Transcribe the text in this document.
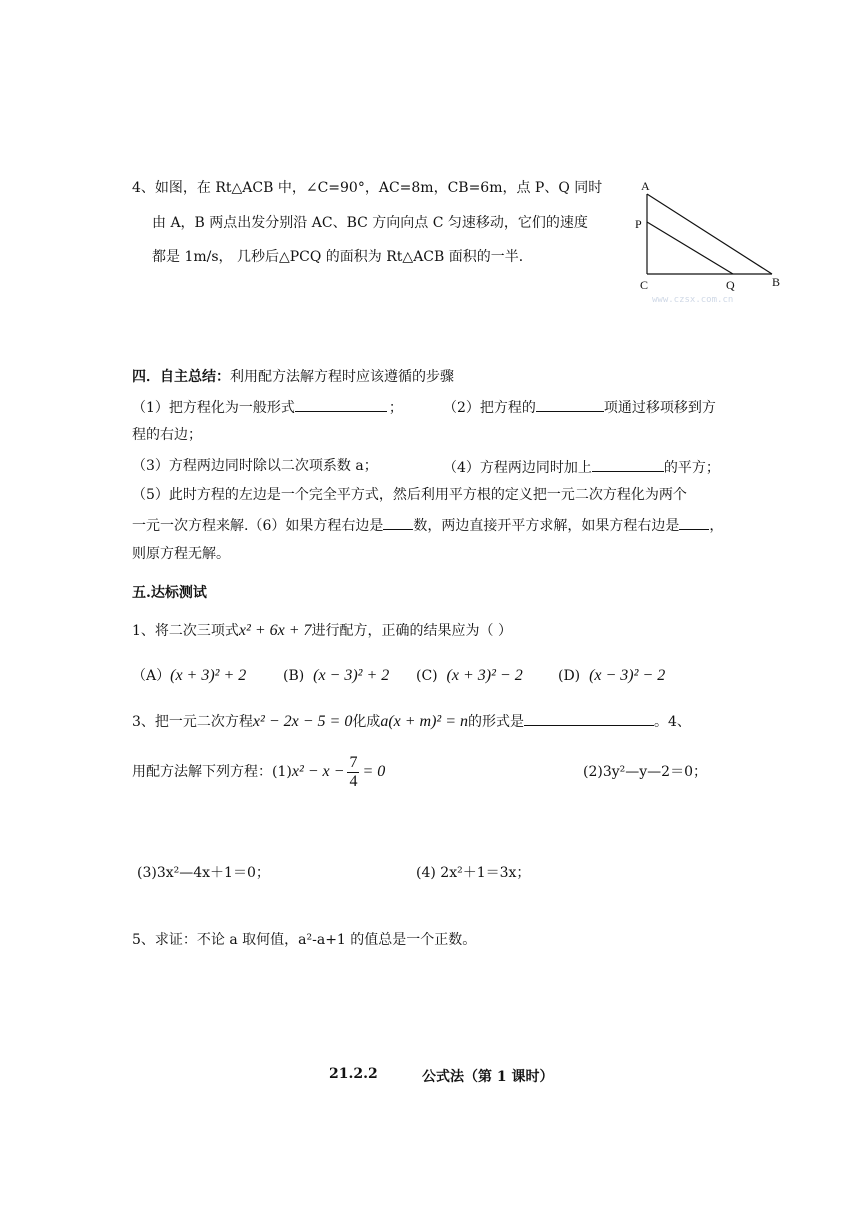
4、如图，在 Rt△ACB 中，∠C=90°，AC=8m，CB=6m，点 P、Q 同时
由 A，B 两点出发分别沿 AC、BC 方向向点 C 匀速移动，它们的速度
都是 1m/s， 几秒后△PCQ 的面积为 Rt△ACB 面积的一半．
A
P
C	Q	B
www.czsx.com.cn
四．自主总结：利用配方法解方程时应该遵循的步骤
（1）把方程化为一般形式	；	（2）把方程的	项通过移项移到方
程的右边；
（3）方程两边同时除以二次项系数 a；	（4）方程两边同时加上	的平方；
（5）此时方程的左边是一个完全平方式，然后利用平方根的定义把一元二次方程化为两个
一元一次方程来解.（6）如果方程右边是 数，两边直接开平方求解，如果方程右边是 ，
则原方程无解。
五.达标测试
1、将二次三项式x² + 6x + 7进行配方，正确的结果应为（ ）
（A）(x + 3)² + 2	(B) (x − 3)² + 2 (C) (x + 3)² − 2	(D) (x − 3)² − 2
3、把一元二次方程x² − 2x − 5 = 0化成a(x + m)² = n的形式是	。4、
用配方法解下列方程：$(1)x^2 - x - \frac{7}{4} = 0$	(2)3y²—y—2＝0；
(3)3x²—4x＋1＝0；	(4) 2x²＋1＝3x；
5、求证：不论 a 取何值，a²-a+1 的值总是一个正数。
21.2.2	公式法（第 1 课时）
